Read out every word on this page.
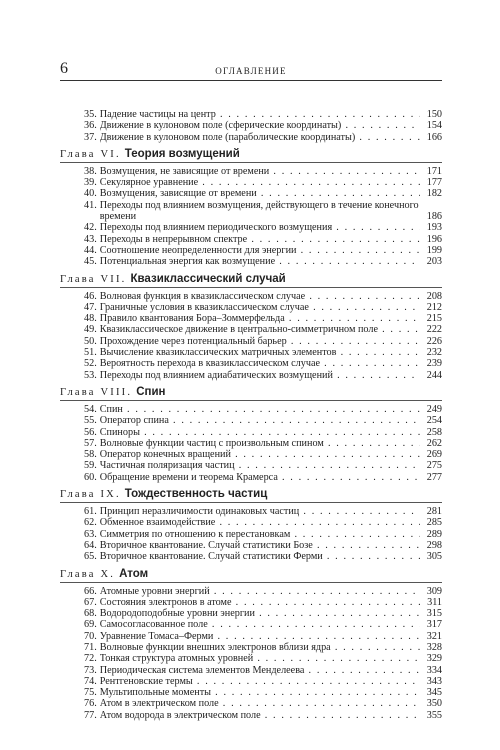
6	ОГЛАВЛЕНИЕ
35. Падение частицы на центр . . .	150
36. Движение в кулоновом поле (сферические координаты) . . .	154
37. Движение в кулоновом поле (параболические координаты) . . .	166
Глава VI. Теория возмущений
38. Возмущения, не зависящие от времени . . .	171
39. Секулярное уравнение . . .	177
40. Возмущения, зависящие от времени . . .	182
41. Переходы под влиянием возмущения, действующего в течение конечного времени	186
42. Переходы под влиянием периодического возмущения . . .	193
43. Переходы в непрерывном спектре . . .	196
44. Соотношение неопределенности для энергии . . .	199
45. Потенциальная энергия как возмущение . . .	203
Глава VII. Квазиклассический случай
46. Волновая функция в квазиклассическом случае . . .	208
47. Граничные условия в квазиклассическом случае . . .	212
48. Правило квантования Бора–Зоммерфельда . . .	215
49. Квазиклассическое движение в центрально-симметричном поле . . .	222
50. Прохождение через потенциальный барьер . . .	226
51. Вычисление квазиклассических матричных элементов . . .	232
52. Вероятность перехода в квазиклассическом случае . . .	239
53. Переходы под влиянием адиабатических возмущений . . .	244
Глава VIII. Спин
54. Спин . . .	249
55. Оператор спина . . .	254
56. Спиноры . . .	258
57. Волновые функции частиц с произвольным спином . . .	262
58. Оператор конечных вращений . . .	269
59. Частичная поляризация частиц . . .	275
60. Обращение времени и теорема Крамерса . . .	277
Глава IX. Тождественность частиц
61. Принцип неразличимости одинаковых частиц . . .	281
62. Обменное взаимодействие . . .	285
63. Симметрия по отношению к перестановкам . . .	289
64. Вторичное квантование. Случай статистики Бозе . . .	298
65. Вторичное квантование. Случай статистики Ферми . . .	305
Глава X. Атом
66. Атомные уровни энергий . . .	309
67. Состояния электронов в атоме . . .	311
68. Водородоподобные уровни энергии . . .	315
69. Самосогласованное поле . . .	317
70. Уравнение Томаса–Ферми . . .	321
71. Волновые функции внешних электронов вблизи ядра . . .	328
72. Тонкая структура атомных уровней . . .	329
73. Периодическая система элементов Менделеева . . .	334
74. Рентгеновские термы . . .	343
75. Мультипольные моменты . . .	345
76. Атом в электрическом поле . . .	350
77. Атом водорода в электрическом поле . . .	355
